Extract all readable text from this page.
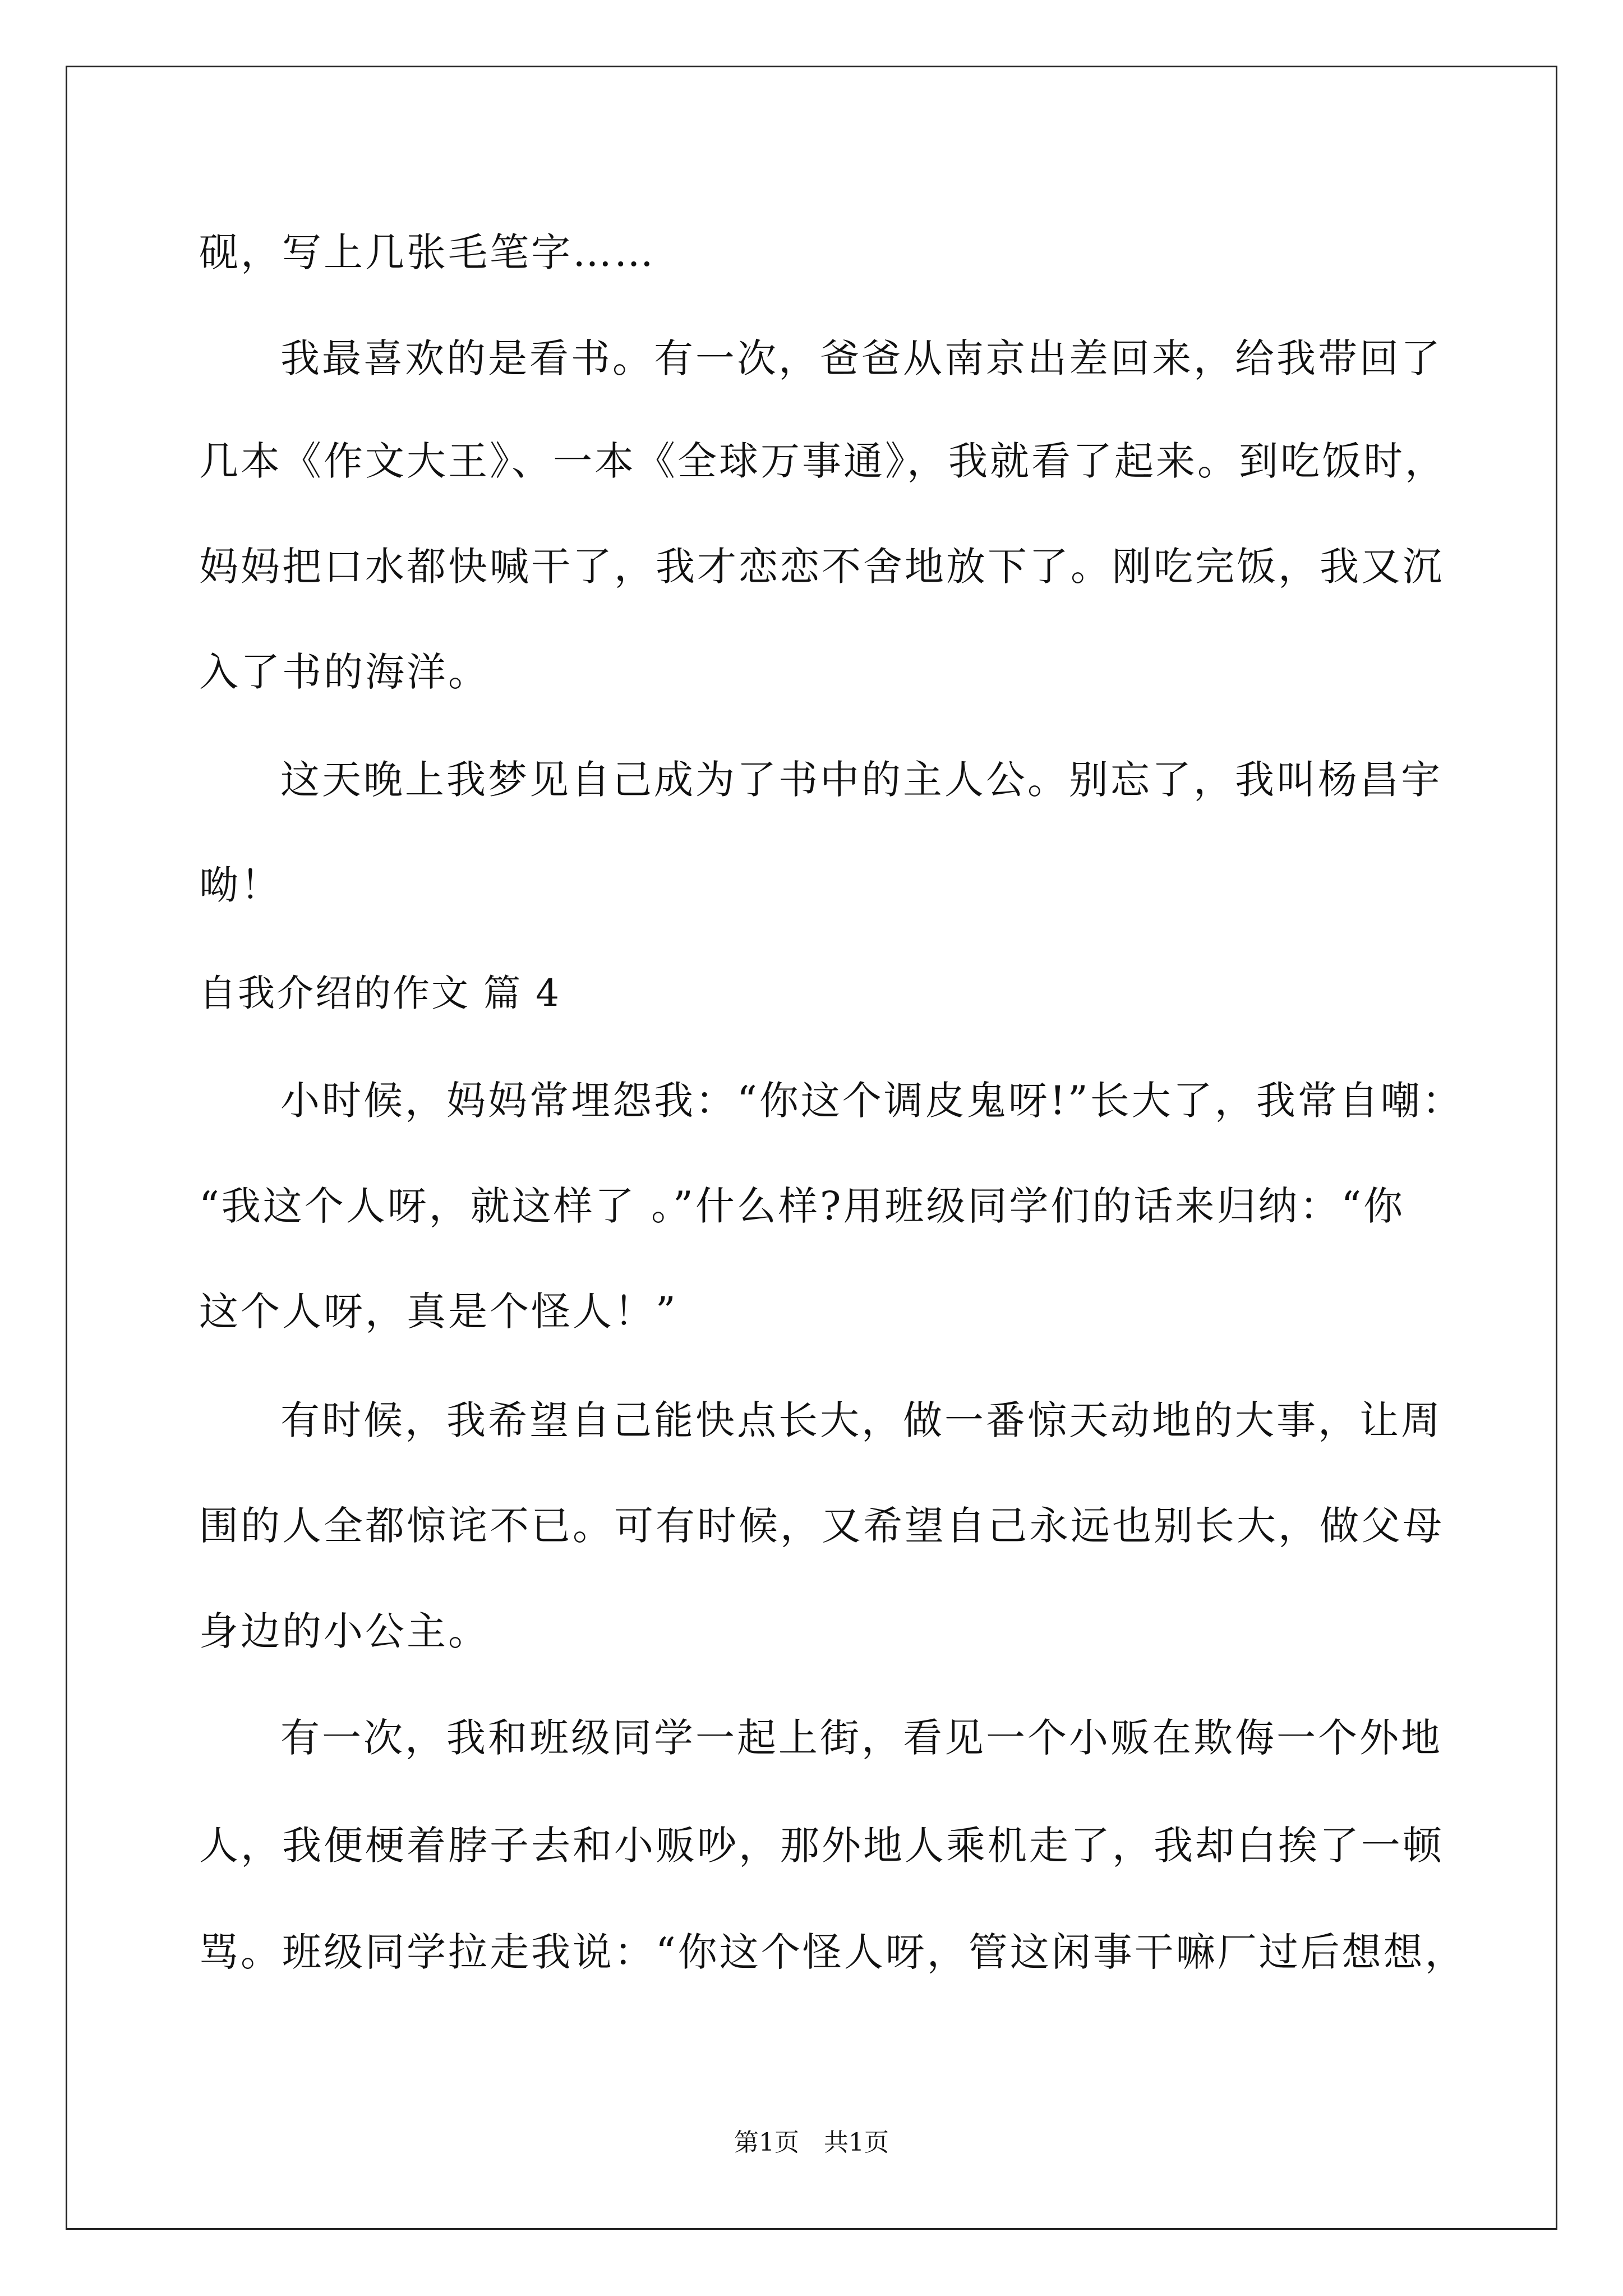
砚，写上几张毛笔字……
我最喜欢的是看书。有一次，爸爸从南京出差回来，给我带回了
几本《作文大王》、一本《全球万事通》，我就看了起来。到吃饭时，
妈妈把口水都快喊干了，我才恋恋不舍地放下了。刚吃完饭，我又沉
入了书的海洋。
这天晚上我梦见自己成为了书中的主人公。别忘了，我叫杨昌宇
呦！
自我介绍的作文 篇 4
小时候，妈妈常埋怨我：“你这个调皮鬼呀!”长大了，我常自嘲：
“我这个人呀，就这样了 。”什么样?用班级同学们的话来归纳：“你
这个人呀，真是个怪人！”
有时候，我希望自己能快点长大，做一番惊天动地的大事，让周
围的人全都惊诧不已。可有时候，又希望自己永远也别长大，做父母
身边的小公主。
有一次，我和班级同学一起上街，看见一个小贩在欺侮一个外地
人，我便梗着脖子去和小贩吵，那外地人乘机走了，我却白挨了一顿
骂。班级同学拉走我说：“你这个怪人呀，管这闲事干嘛厂过后想想，
第1页　共1页
